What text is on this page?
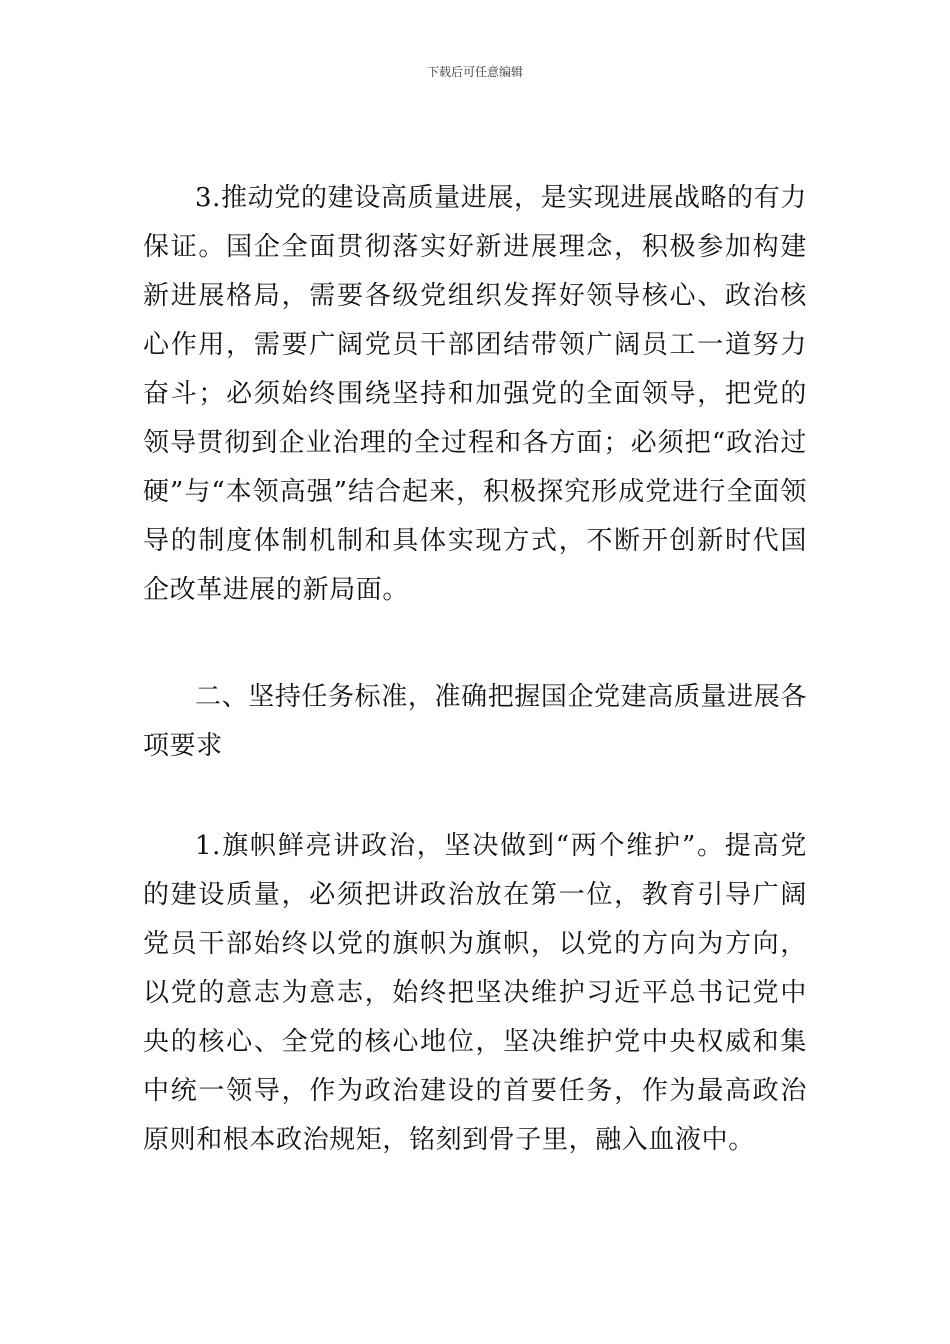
下载后可任意编辑

3.推动党的建设高质量进展，是实现进展战略的有力保证。国企全面贯彻落实好新进展理念，积极参加构建新进展格局，需要各级党组织发挥好领导核心、政治核心作用，需要广阔党员干部团结带领广阔员工一道努力奋斗；必须始终围绕坚持和加强党的全面领导，把党的领导贯彻到企业治理的全过程和各方面；必须把“政治过硬”与“本领高强”结合起来，积极探究形成党进行全面领导的制度体制机制和具体实现方式，不断开创新时代国企改革进展的新局面。

二、坚持任务标准，准确把握国企党建高质量进展各项要求

1.旗帜鲜亮讲政治，坚决做到“两个维护”。提高党的建设质量，必须把讲政治放在第一位，教育引导广阔党员干部始终以党的旗帜为旗帜，以党的方向为方向，以党的意志为意志，始终把坚决维护习近平总书记党中央的核心、全党的核心地位，坚决维护党中央权威和集中统一领导，作为政治建设的首要任务，作为最高政治原则和根本政治规矩，铭刻到骨子里，融入血液中。
